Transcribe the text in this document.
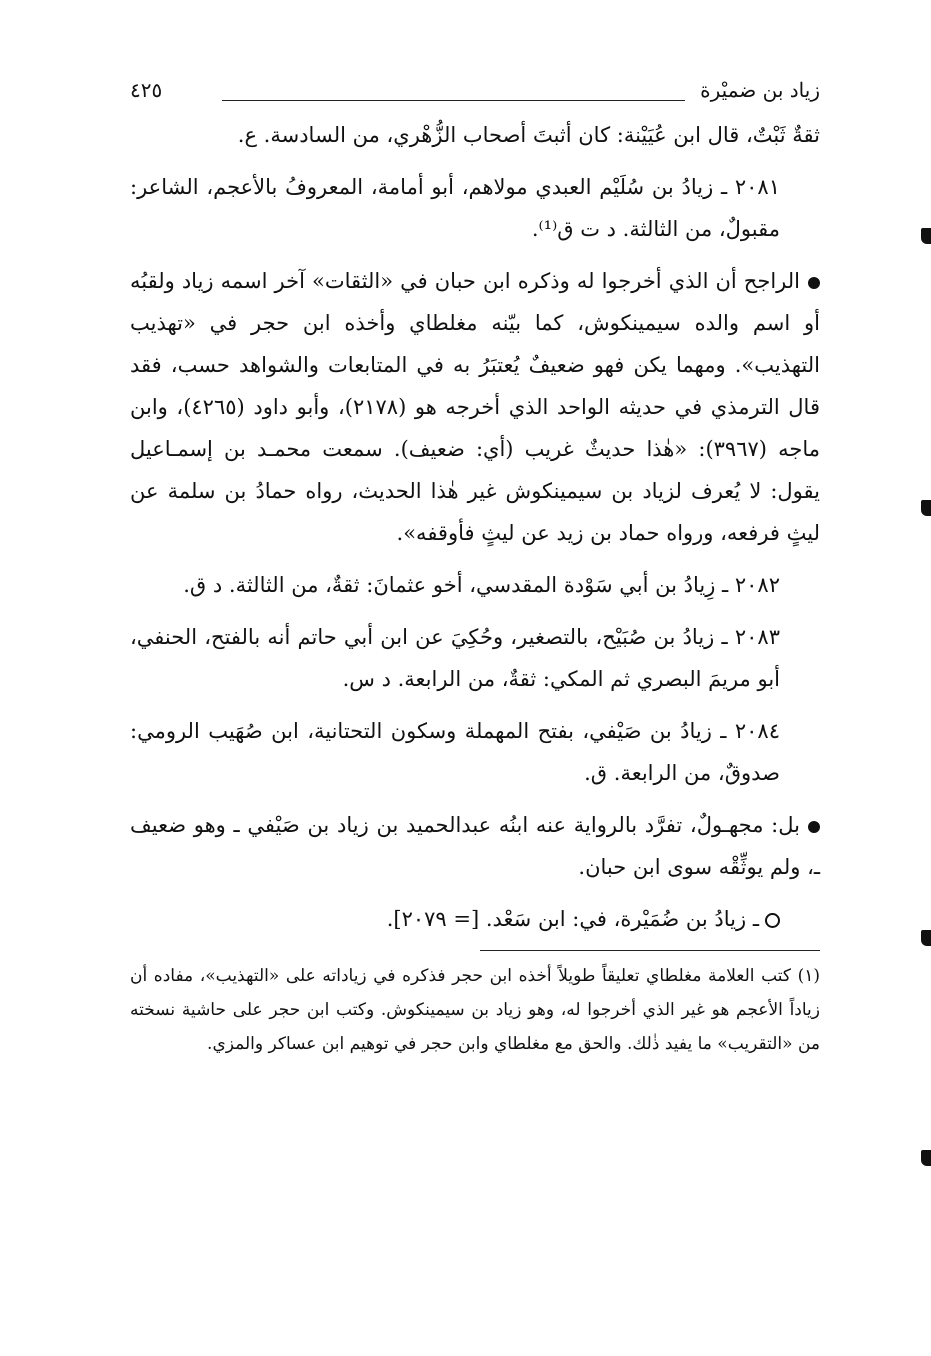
زياد بن ضميْرة
٤٢٥

ثقةٌ ثَبْتٌ، قال ابن عُيَيْنة: كان أثبتَ أصحاب الزُّهْري، من السادسة. ع.

٢٠٨١ ـ زيادُ بن سُلَيْم العبدي مولاهم، أبو أمامة، المعروفُ بالأعجم، الشاعر: مقبولٌ، من الثالثة. د ت ق⁽¹⁾.

الراجح أن الذي أخرجوا له وذكره ابن حبان في «الثقات» آخر اسمه زياد ولقبُه أو اسم والده سيمينكوش، كما بيّنه مغلطاي وأخذه ابن حجر في «تهذيب التهذيب». ومهما يكن فهو ضعيفٌ يُعتبَرُ به في المتابعات والشواهد حسب، فقد قال الترمذي في حديثه الواحد الذي أخرجه هو (٢١٧٨)، وأبو داود (٤٢٦٥)، وابن ماجه (٣٩٦٧): «هٰذا حديثٌ غريب (أي: ضعيف). سمعت محمـد بن إسمـاعيل يقول: لا يُعرف لزياد بن سيمينكوش غير هٰذا الحديث، رواه حمادُ بن سلمة عن ليثٍ فرفعه، ورواه حماد بن زيد عن ليثٍ فأوقفه».

٢٠٨٢ ـ زِيادُ بن أبي سَوْدة المقدسي، أخو عثمانَ: ثقةٌ، من الثالثة. د ق.

٢٠٨٣ ـ زيادُ بن صُبَيْح، بالتصغير، وحُكِيَ عن ابن أبي حاتم أنه بالفتح، الحنفي، أبو مريمَ البصري ثم المكي: ثقةٌ، من الرابعة. د س.

٢٠٨٤ ـ زيادُ بن صَيْفي، بفتح المهملة وسكون التحتانية، ابن صُهَيب الرومي: صدوقٌ، من الرابعة. ق.

بل: مجهـولٌ، تفرَّد بالرواية عنه ابنُه عبدالحميد بن زياد بن صَيْفي ـ وهو ضعيف ـ، ولم يوثِّقْه سوى ابن حبان.

ـ زيادُ بن ضُمَيْرة، في: ابن سَعْد. [= ٢٠٧٩].

(١) كتب العلامة مغلطاي تعليقاً طويلاً أخذه ابن حجر فذكره في زياداته على «التهذيب»، مفاده أن زياداً الأعجم هو غير الذي أخرجوا له، وهو زياد بن سيمينكوش. وكتب ابن حجر على حاشية نسخته من «التقريب» ما يفيد ذٰلك. والحق مع مغلطاي وابن حجر في توهيم ابن عساكر والمزي.
